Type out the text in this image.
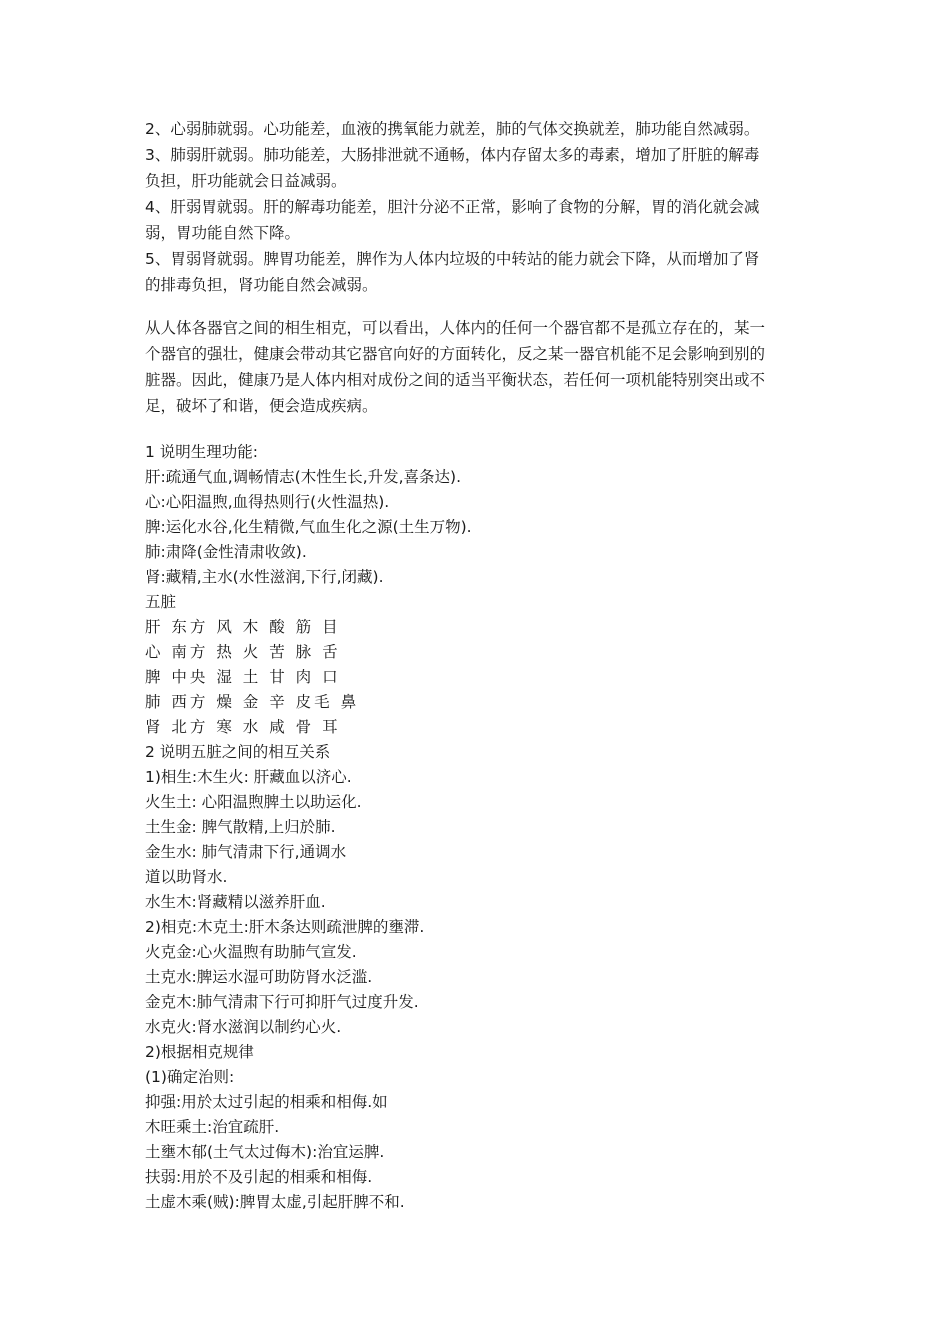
2、心弱肺就弱。心功能差，血液的携氧能力就差，肺的气体交换就差，肺功能自然减弱。
3、肺弱肝就弱。肺功能差，大肠排泄就不通畅，体内存留太多的毒素，增加了肝脏的解毒
负担，肝功能就会日益减弱。
4、肝弱胃就弱。肝的解毒功能差，胆汁分泌不正常，影响了食物的分解，胃的消化就会减
弱，胃功能自然下降。
5、胃弱肾就弱。脾胃功能差，脾作为人体内垃圾的中转站的能力就会下降，从而增加了肾
的排毒负担，肾功能自然会减弱。
从人体各器官之间的相生相克，可以看出，人体内的任何一个器官都不是孤立存在的，某一
个器官的强壮，健康会带动其它器官向好的方面转化，反之某一器官机能不足会影响到别的
脏器。因此，健康乃是人体内相对成份之间的适当平衡状态，若任何一项机能特别突出或不
足，破坏了和谐，便会造成疾病。
1 说明生理功能:
肝:疏通气血,调畅情志(木性生长,升发,喜条达).
心:心阳温煦,血得热则行(火性温热).
脾:运化水谷,化生精微,气血生化之源(土生万物).
肺:肃降(金性清肃收敛).
肾:藏精,主水(水性滋润,下行,闭藏).
五脏
肝 东方 风 木 酸 筋 目
心 南方 热 火 苦 脉 舌
脾 中央 湿 土 甘 肉 口
肺 西方 燥 金 辛 皮毛 鼻
肾 北方 寒 水 咸 骨 耳
2 说明五脏之间的相互关系
1)相生:木生火: 肝藏血以济心.
火生土: 心阳温煦脾土以助运化.
土生金: 脾气散精,上归於肺.
金生水: 肺气清肃下行,通调水
道以助肾水.
水生木:肾藏精以滋养肝血.
2)相克:木克土:肝木条达则疏泄脾的壅滞.
火克金:心火温煦有助肺气宣发.
土克水:脾运水湿可助防肾水泛滥.
金克木:肺气清肃下行可抑肝气过度升发.
水克火:肾水滋润以制约心火.
2)根据相克规律
(1)确定治则:
抑强:用於太过引起的相乘和相侮.如
木旺乘土:治宜疏肝.
土壅木郁(土气太过侮木):治宜运脾.
扶弱:用於不及引起的相乘和相侮.
土虚木乘(贼):脾胃太虚,引起肝脾不和.
